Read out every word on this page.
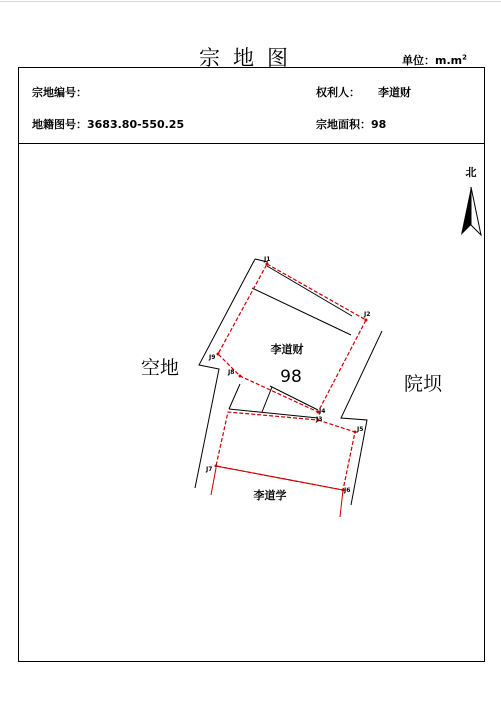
宗地图	单位：$m.m^2$
宗地编号：
地籍图号：3683.80-550.25
权利人： 李道财
宗地面积：98
北
J1
J2
J3
J4
J5
J6
J7
J8
J9
空地
院坝
李道财
98
李道学
